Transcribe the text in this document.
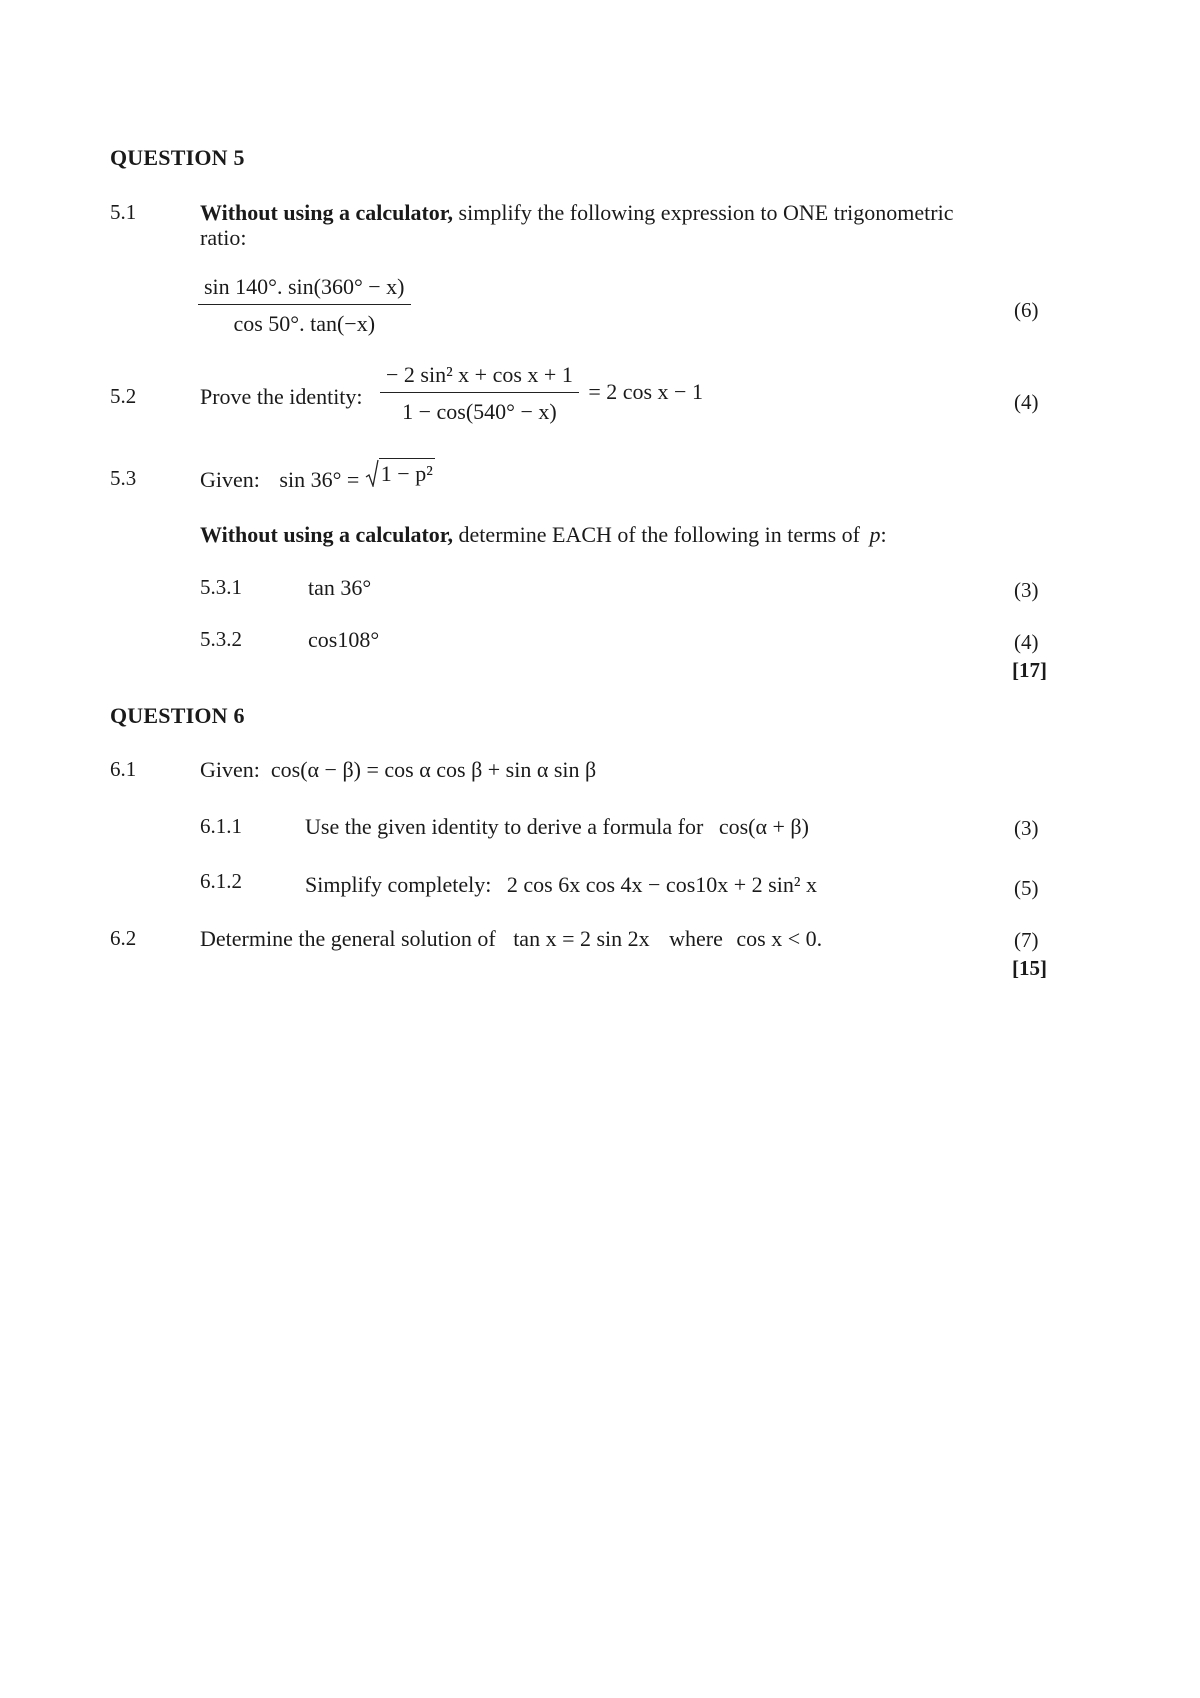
QUESTION 5
5.1	Without using a calculator, simplify the following expression to ONE trigonometric
ratio:
$\frac{\sin 140^\circ. \sin(360^\circ - x)}{\cos 50^\circ. \tan(-x)}$	(6)
5.2	Prove the identity: $\frac{\text{− 2 sin² x + cos x + 1}}{1 - \cos(540^\circ - x)} = 2$ cos x − 1	(4)
5.3	Given: sin 36° = 1 − p²
Without using a calculator, determine EACH of the following in terms of p:
5.3.1	tan 36°	(3)
5.3.2	cos108°	(4)
[17]
QUESTION 6
6.1	Given:  cos(α − β) = cos α cos β + sin α sin β
6.1.1	Use the given identity to derive a formula for cos(α + β)	(3)
6.1.2	Simplify completely: 2 cos 6x cos 4x − cos10x + 2 sin² x	(5)
6.2	Determine the general solution of tan x = 2 sin 2x where cos x < 0.	(7)
[15]
